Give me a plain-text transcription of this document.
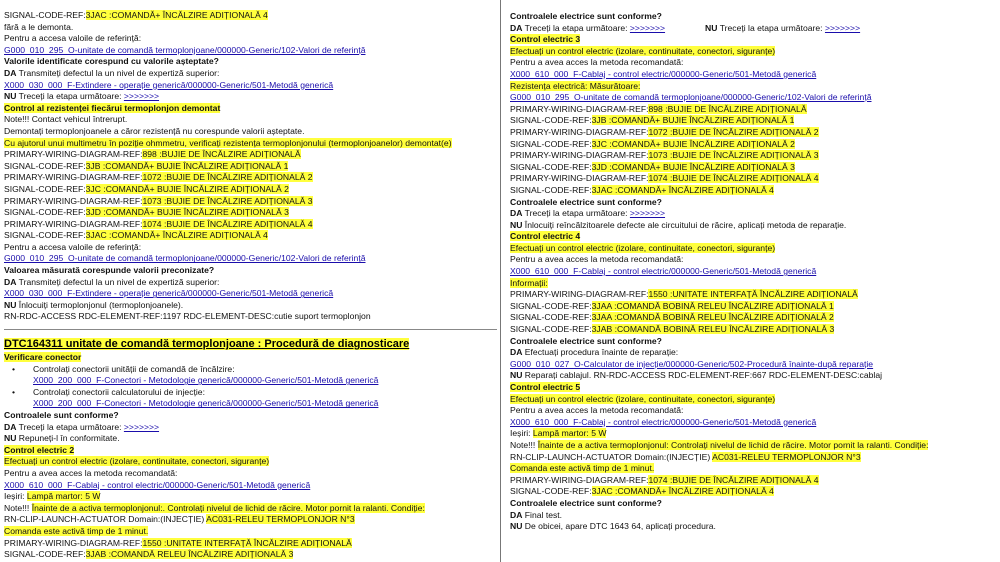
SIGNAL-CODE-REF:3JAC :COMANDĂ+ ÎNCĂLZIRE ADIȚIONALĂ 4
fără a le demonta.
Pentru a accesa valoile de referință:
G000_010_295_O-unitate de comandă termoplonjoane/000000-Generic/102-Valori de referință
Valorile identificate corespund cu valorile așteptate?
DA Transmiteți defectul la un nivel de expertiză superior:
X000_030_000_F-Extindere - operație generică/000000-Generic/501-Metodă generică
NU Treceți la etapa următoare: >>>>>>>
Control al rezistenței fiecărui termoplonjon demontat
Note!!! Contact vehicul întrerupt.
Demontați termoplonjoanele a căror rezistență nu corespunde valorii așteptate.
Cu ajutorul unui multimetru în poziție ohmmetru, verificați rezistența termoplonjonului (termoplonjoanelor) demontat(e)
PRIMARY-WIRING-DIAGRAM-REF:898 :BUJIE DE ÎNCĂLZIRE ADIȚIONALĂ
SIGNAL-CODE-REF:3JB :COMANDĂ+ BUJIE ÎNCĂLZIRE ADIȚIONALĂ 1
PRIMARY-WIRING-DIAGRAM-REF:1072 :BUJIE DE ÎNCĂLZIRE ADIȚIONALĂ 2
SIGNAL-CODE-REF:3JC :COMANDĂ+ BUJIE ÎNCĂLZIRE ADIȚIONALĂ 2
PRIMARY-WIRING-DIAGRAM-REF:1073 :BUJIE DE ÎNCĂLZIRE ADIȚIONALĂ 3
SIGNAL-CODE-REF:3JD :COMANDĂ+ BUJIE ÎNCĂLZIRE ADIȚIONALĂ 3
PRIMARY-WIRING-DIAGRAM-REF:1074 :BUJIE DE ÎNCĂLZIRE ADIȚIONALĂ 4
SIGNAL-CODE-REF:3JAC :COMANDĂ+ ÎNCĂLZIRE ADIȚIONALĂ 4
Pentru a accesa valoile de referință:
G000_010_295_O-unitate de comandă termoplonjoane/000000-Generic/102-Valori de referință
Valoarea măsurată corespunde valorii preconizate?
DA Transmiteți defectul la un nivel de expertiză superior:
X000_030_000_F-Extindere - operație generică/000000-Generic/501-Metodă generică
NU Înlocuiți termoplonjonul (termoplonjoanele).
RN-RDC-ACCESS RDC-ELEMENT-REF:1197 RDC-ELEMENT-DESC:cutie suport termoplonjon
DTC164311 unitate de comandă termoplonjoane : Procedură de diagnosticare
Verificare conector
• Controlați conectorii unității de comandă de încălzire:
X000_200_000_F-Conectori - Metodologie generică/000000-Generic/501-Metodă generică
• Controlați conectorii calculatorului de injecție:
X000_200_000_F-Conectori - Metodologie generică/000000-Generic/501-Metodă generică
Controalele sunt conforme?
DA Treceți la etapa următoare: >>>>>>>
NU Repuneți-l în conformitate.
Control electric 2
Efectuați un control electric (izolare, continuitate, conectori, siguranțe)
Pentru a avea acces la metoda recomandată:
X000_610_000_F-Cablaj - control electric/000000-Generic/501-Metodă generică
Ieșiri: Lampă martor: 5 W
Note!!! Înainte de a activa termoplonjonul:. Controlați nivelul de lichid de răcire. Motor pornit la ralanti. Condiție:
RN-CLIP-LAUNCH-ACTUATOR Domain:(INJECȚIE) AC031-RELEU TERMOPLONJOR N°3
Comanda este activă timp de 1 minut.
PRIMARY-WIRING-DIAGRAM-REF:1550 :UNITATE INTERFAȚĂ ÎNCĂLZIRE ADIȚIONALĂ
SIGNAL-CODE-REF:3JAB :COMANDĂ RELEU ÎNCĂLZIRE ADIȚIONALĂ 3
Controalele electrice sunt conforme?
DA Treceți la etapa următoare: >>>>>>>	NU Treceți la etapa următoare: >>>>>>>
Control electric 3
Efectuați un control electric (izolare, continuitate, conectori, siguranțe)
Pentru a avea acces la metoda recomandată:
X000_610_000_F-Cablaj - control electric/000000-Generic/501-Metodă generică
Rezistența electrică: Măsurătoare:
G000_010_295_O-unitate de comandă termoplonjoane/000000-Generic/102-Valori de referință
PRIMARY-WIRING-DIAGRAM-REF:898 :BUJIE DE ÎNCĂLZIRE ADIȚIONALĂ
SIGNAL-CODE-REF:3JB :COMANDĂ+ BUJIE ÎNCĂLZIRE ADIȚIONALĂ 1
PRIMARY-WIRING-DIAGRAM-REF:1072 :BUJIE DE ÎNCĂLZIRE ADIȚIONALĂ 2
SIGNAL-CODE-REF:3JC :COMANDĂ+ BUJIE ÎNCĂLZIRE ADIȚIONALĂ 2
PRIMARY-WIRING-DIAGRAM-REF:1073 :BUJIE DE ÎNCĂLZIRE ADIȚIONALĂ 3
SIGNAL-CODE-REF:3JD :COMANDĂ+ BUJIE ÎNCĂLZIRE ADIȚIONALĂ 3
PRIMARY-WIRING-DIAGRAM-REF:1074 :BUJIE DE ÎNCĂLZIRE ADIȚIONALĂ 4
SIGNAL-CODE-REF:3JAC :COMANDĂ+ ÎNCĂLZIRE ADIȚIONALĂ 4
Controalele electrice sunt conforme?
DA Treceți la etapa următoare: >>>>>>>
NU Înlocuiți reîncălzitoarele defecte ale circuitului de răcire, aplicați metoda de reparație.
Control electric 4
Efectuați un control electric (izolare, continuitate, conectori, siguranțe)
Pentru a avea acces la metoda recomandată:
X000_610_000_F-Cablaj - control electric/000000-Generic/501-Metodă generică
Informații:
PRIMARY-WIRING-DIAGRAM-REF:1550 :UNITATE INTERFAȚĂ ÎNCĂLZIRE ADIȚIONALĂ
SIGNAL-CODE-REF:3JAA :COMANDĂ BOBINĂ RELEU ÎNCĂLZIRE ADIȚIONALĂ 1
SIGNAL-CODE-REF:3JAA :COMANDĂ BOBINĂ RELEU ÎNCĂLZIRE ADIȚIONALĂ 2
SIGNAL-CODE-REF:3JAB :COMANDĂ BOBINĂ RELEU ÎNCĂLZIRE ADIȚIONALĂ 3
Controalele electrice sunt conforme?
DA Efectuați procedura înainte de reparație:
G000_010_027_O-Calculator de injecție/000000-Generic/502-Procedură înainte-după reparație
NU Reparați cablajul. RN-RDC-ACCESS RDC-ELEMENT-REF:667 RDC-ELEMENT-DESC:cablaj
Control electric 5
Efectuați un control electric (izolare, continuitate, conectori, siguranțe)
Pentru a avea acces la metoda recomandată:
X000_610_000_F-Cablaj - control electric/000000-Generic/501-Metodă generică
Ieșiri: Lampă martor: 5 W
Note!!! Înainte de a activa termoplonjonul: Controlați nivelul de lichid de răcire. Motor pornit la ralanti. Condiție:
RN-CLIP-LAUNCH-ACTUATOR Domain:(INJECȚIE) AC031-RELEU TERMOPLONJOR N°3
Comanda este activă timp de 1 minut.
PRIMARY-WIRING-DIAGRAM-REF:1074 :BUJIE DE ÎNCĂLZIRE ADIȚIONALĂ 4
SIGNAL-CODE-REF:3JAC :COMANDĂ+ ÎNCĂLZIRE ADIȚIONALĂ 4
Controalele electrice sunt conforme?
DA Final test.
NU De obicei, apare DTC 1643 64, aplicați procedura.
